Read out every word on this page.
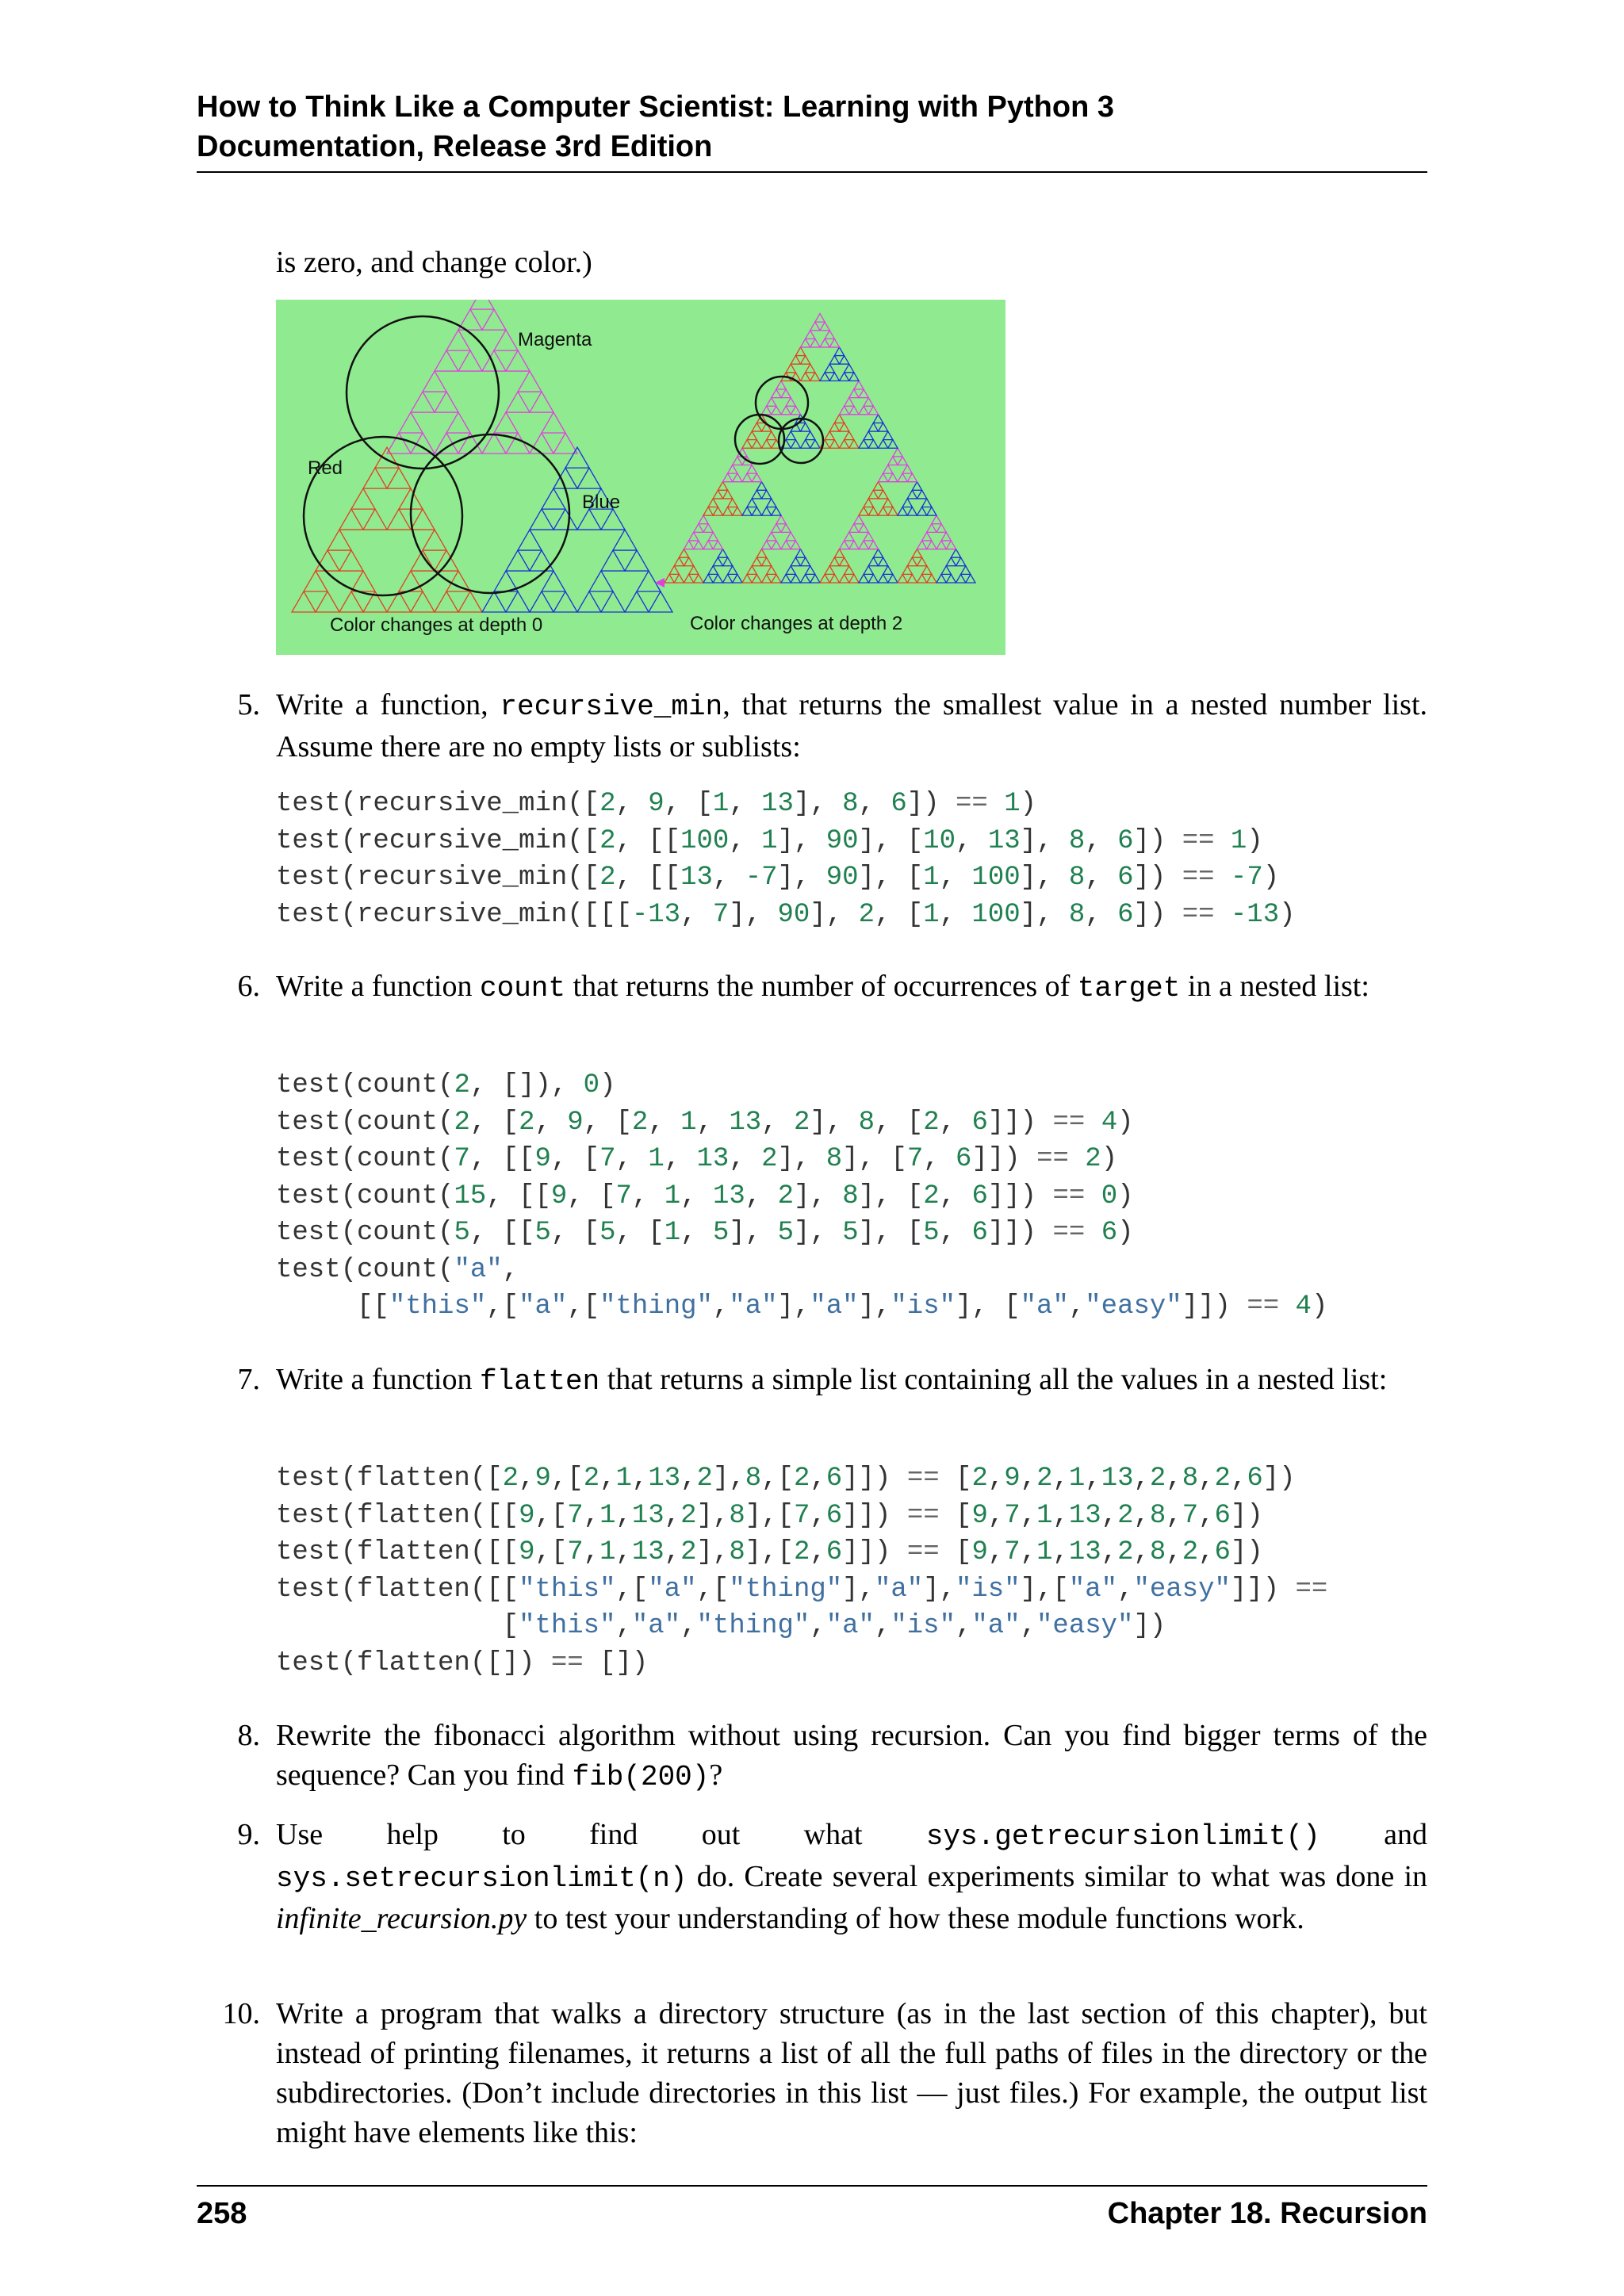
How to Think Like a Computer Scientist: Learning with Python 3
Documentation, Release 3rd Edition
is zero, and change color.)
Magenta
Red
Blue
Color changes at depth 0	Color changes at depth 2
5. Write a function, recursive_min, that returns the smallest value in a nested number list. Assume there are no empty lists or sublists:
test(recursive_min([2, 9, [1, 13], 8, 6]) == 1)
test(recursive_min([2, [[100, 1], 90], [10, 13], 8, 6]) == 1)
test(recursive_min([2, [[13, -7], 90], [1, 100], 8, 6]) == -7)
test(recursive_min([[[-13, 7], 90], 2, [1, 100], 8, 6]) == -13)
6. Write a function count that returns the number of occurrences of target in a nested list:
test(count(2, []), 0)
test(count(2, [2, 9, [2, 1, 13, 2], 8, [2, 6]]) == 4)
test(count(7, [[9, [7, 1, 13, 2], 8], [7, 6]]) == 2)
test(count(15, [[9, [7, 1, 13, 2], 8], [2, 6]]) == 0)
test(count(5, [[5, [5, [1, 5], 5], 5], [5, 6]]) == 6)
test(count("a",
[["this",["a",["thing","a"],"a"],"is"], ["a","easy"]]) == 4)
7. Write a function flatten that returns a simple list containing all the values in a nested list:
test(flatten([2,9,[2,1,13,2],8,[2,6]]) == [2,9,2,1,13,2,8,2,6])
test(flatten([[9,[7,1,13,2],8],[7,6]]) == [9,7,1,13,2,8,7,6])
test(flatten([[9,[7,1,13,2],8],[2,6]]) == [9,7,1,13,2,8,2,6])
test(flatten([["this",["a",["thing"],"a"],"is"],["a","easy"]]) ==
["this","a","thing","a","is","a","easy"])
test(flatten([]) == [])
8. Rewrite the fibonacci algorithm without using recursion. Can you find bigger terms of the sequence? Can you find fib(200)?
9. Use help to find out what sys.getrecursionlimit() and sys.setrecursionlimit(n) do. Create several experiments similar to what was done in infinite_recursion.py to test your understanding of how these module functions work.
10. Write a program that walks a directory structure (as in the last section of this chapter), but instead of printing filenames, it returns a list of all the full paths of files in the directory or the subdirectories. (Don’t include directories in this list — just files.) For example, the output list might have elements like this:
258	Chapter 18. Recursion
